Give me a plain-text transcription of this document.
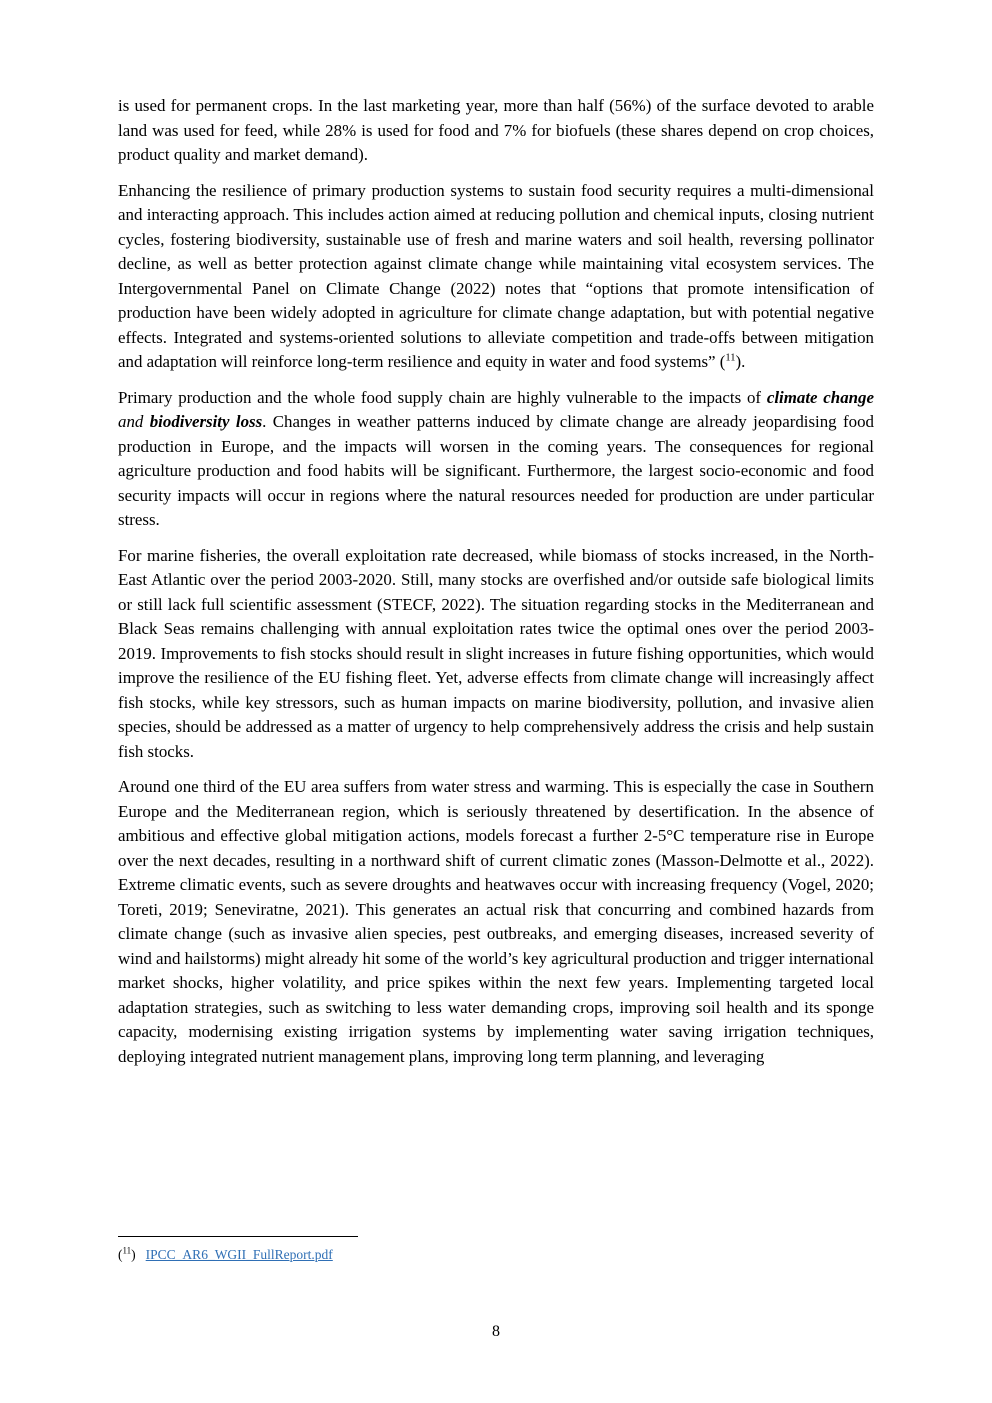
is used for permanent crops. In the last marketing year, more than half (56%) of the surface devoted to arable land was used for feed, while 28% is used for food and 7% for biofuels (these shares depend on crop choices, product quality and market demand).

Enhancing the resilience of primary production systems to sustain food security requires a multi-dimensional and interacting approach. This includes action aimed at reducing pollution and chemical inputs, closing nutrient cycles, fostering biodiversity, sustainable use of fresh and marine waters and soil health, reversing pollinator decline, as well as better protection against climate change while maintaining vital ecosystem services. The Intergovernmental Panel on Climate Change (2022) notes that “options that promote intensification of production have been widely adopted in agriculture for climate change adaptation, but with potential negative effects. Integrated and systems-oriented solutions to alleviate competition and trade-offs between mitigation and adaptation will reinforce long-term resilience and equity in water and food systems” ($^{11}$).

Primary production and the whole food supply chain are highly vulnerable to the impacts of climate change and biodiversity loss. Changes in weather patterns induced by climate change are already jeopardising food production in Europe, and the impacts will worsen in the coming years. The consequences for regional agriculture production and food habits will be significant. Furthermore, the largest socio-economic and food security impacts will occur in regions where the natural resources needed for production are under particular stress.

For marine fisheries, the overall exploitation rate decreased, while biomass of stocks increased, in the North-East Atlantic over the period 2003-2020. Still, many stocks are overfished and/or outside safe biological limits or still lack full scientific assessment (STECF, 2022). The situation regarding stocks in the Mediterranean and Black Seas remains challenging with annual exploitation rates twice the optimal ones over the period 2003-2019. Improvements to fish stocks should result in slight increases in future fishing opportunities, which would improve the resilience of the EU fishing fleet. Yet, adverse effects from climate change will increasingly affect fish stocks, while key stressors, such as human impacts on marine biodiversity, pollution, and invasive alien species, should be addressed as a matter of urgency to help comprehensively address the crisis and help sustain fish stocks.

Around one third of the EU area suffers from water stress and warming. This is especially the case in Southern Europe and the Mediterranean region, which is seriously threatened by desertification. In the absence of ambitious and effective global mitigation actions, models forecast a further 2-5°C temperature rise in Europe over the next decades, resulting in a northward shift of current climatic zones (Masson-Delmotte et al., 2022). Extreme climatic events, such as severe droughts and heatwaves occur with increasing frequency (Vogel, 2020; Toreti, 2019; Seneviratne, 2021). This generates an actual risk that concurring and combined hazards from climate change (such as invasive alien species, pest outbreaks, and emerging diseases, increased severity of wind and hailstorms) might already hit some of the world’s key agricultural production and trigger international market shocks, higher volatility, and price spikes within the next few years. Implementing targeted local adaptation strategies, such as switching to less water demanding crops, improving soil health and its sponge capacity, modernising existing irrigation systems by implementing water saving irrigation techniques, deploying integrated nutrient management plans, improving long term planning, and leveraging

($^{11}$) IPCC_AR6_WGII_FullReport.pdf
8
